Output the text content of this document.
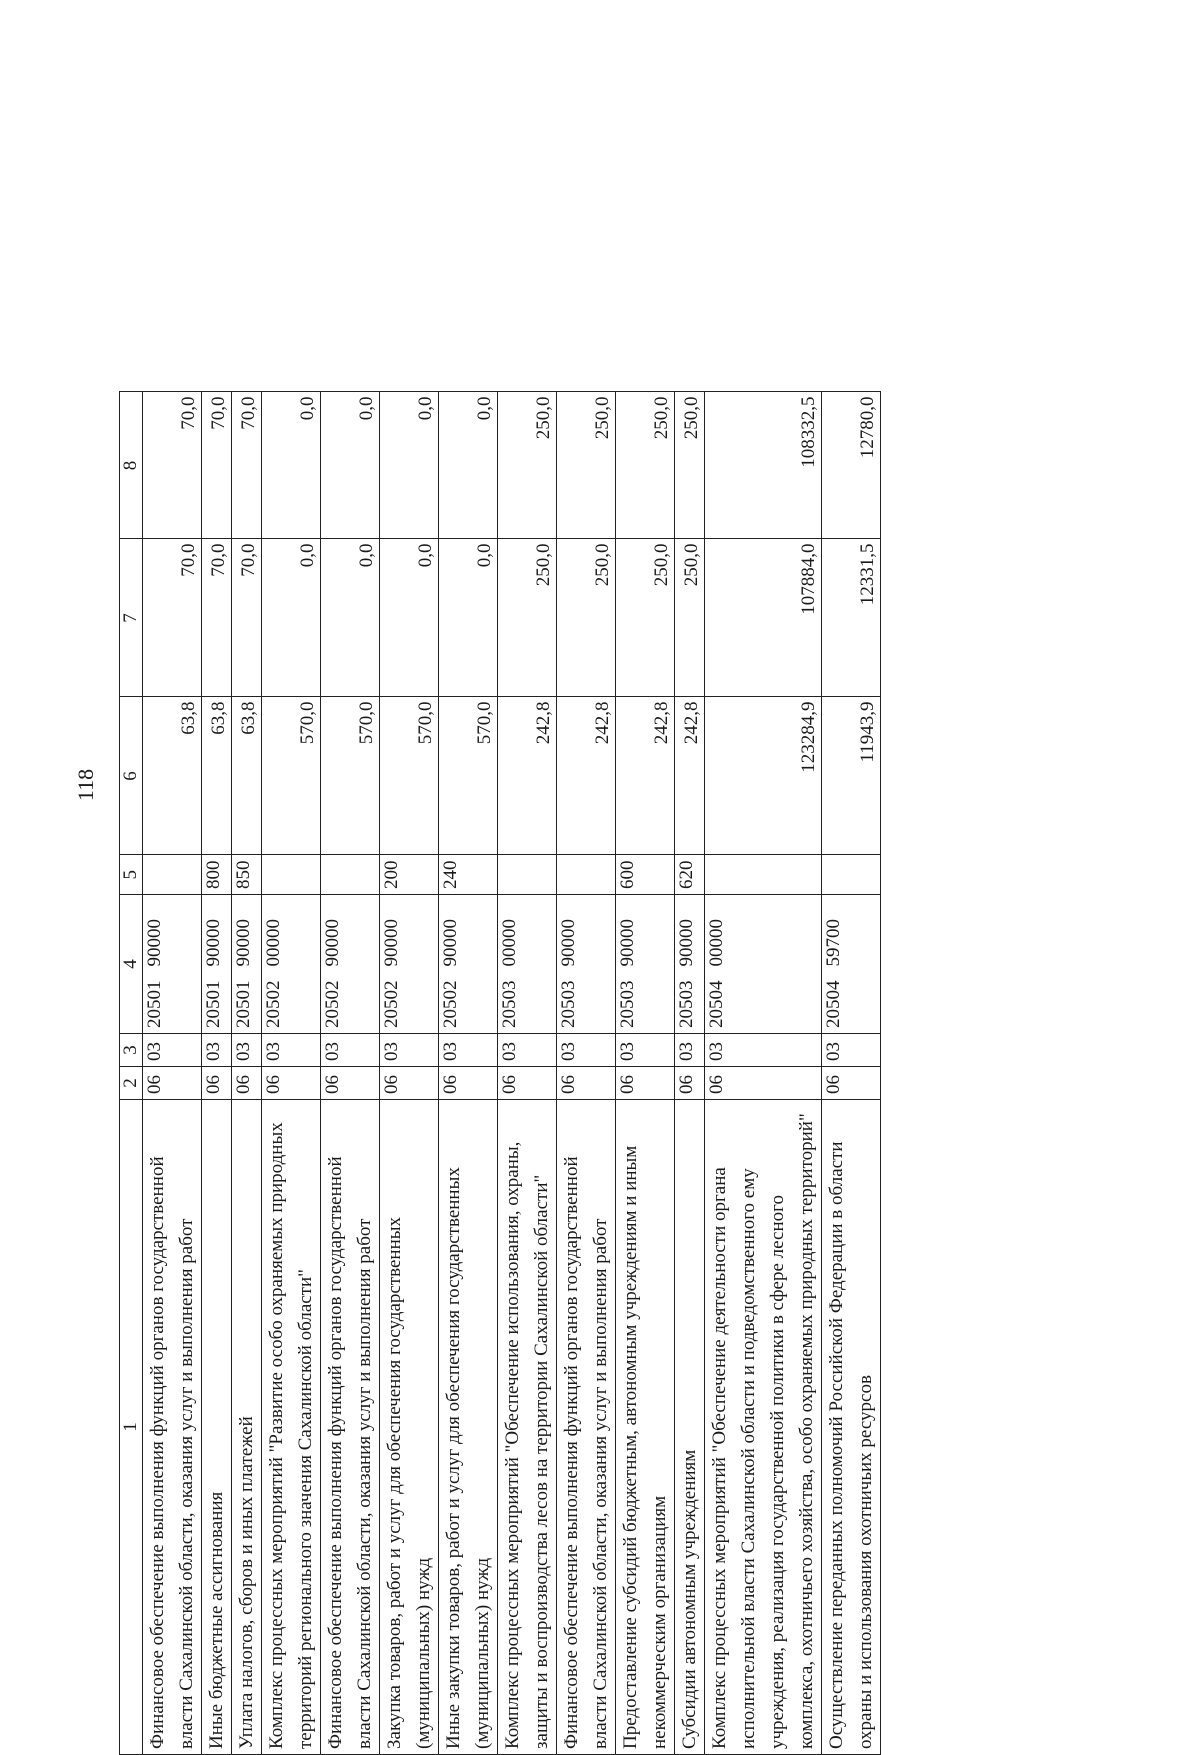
118
1	2	3	4	5	6	7	8
Финансовое обеспечение выполнения функций органов государственной власти Сахалинской области, оказания услуг и выполнения работ	06	03	2050190000		63,8	70,0	70,0
Иные бюджетные ассигнования	06	03	2050190000	800	63,8	70,0	70,0
Уплата налогов, сборов и иных платежей	06	03	2050190000	850	63,8	70,0	70,0
Комплекс процессных мероприятий "Развитие особо охраняемых природных территорий регионального значения Сахалинской области"	06	03	2050200000		570,0	0,0	0,0
Финансовое обеспечение выполнения функций органов государственной власти Сахалинской области, оказания услуг и выполнения работ	06	03	2050290000		570,0	0,0	0,0
Закупка товаров, работ и услуг для обеспечения государственных (муниципальных) нужд	06	03	2050290000	200	570,0	0,0	0,0
Иные закупки товаров, работ и услуг для обеспечения государственных (муниципальных) нужд	06	03	2050290000	240	570,0	0,0	0,0
Комплекс процессных мероприятий "Обеспечение использования, охраны, защиты и воспроизводства лесов на территории Сахалинской области"	06	03	2050300000		242,8	250,0	250,0
Финансовое обеспечение выполнения функций органов государственной власти Сахалинской области, оказания услуг и выполнения работ	06	03	2050390000		242,8	250,0	250,0
Предоставление субсидий бюджетным, автономным учреждениям и иным некоммерческим организациям	06	03	2050390000	600	242,8	250,0	250,0
Субсидии автономным учреждениям	06	03	2050390000	620	242,8	250,0	250,0
Комплекс процессных мероприятий "Обеспечение деятельности органа исполнительной власти Сахалинской области и подведомственного ему учреждения, реализация государственной политики в сфере лесного комплекса, охотничьего хозяйства, особо охраняемых природных территорий"	06	03	2050400000		123284,9	107884,0	108332,5
Осуществление переданных полномочий Российской Федерации в области охраны и использования охотничьих ресурсов	06	03	2050459700		11943,9	12331,5	12780,0
